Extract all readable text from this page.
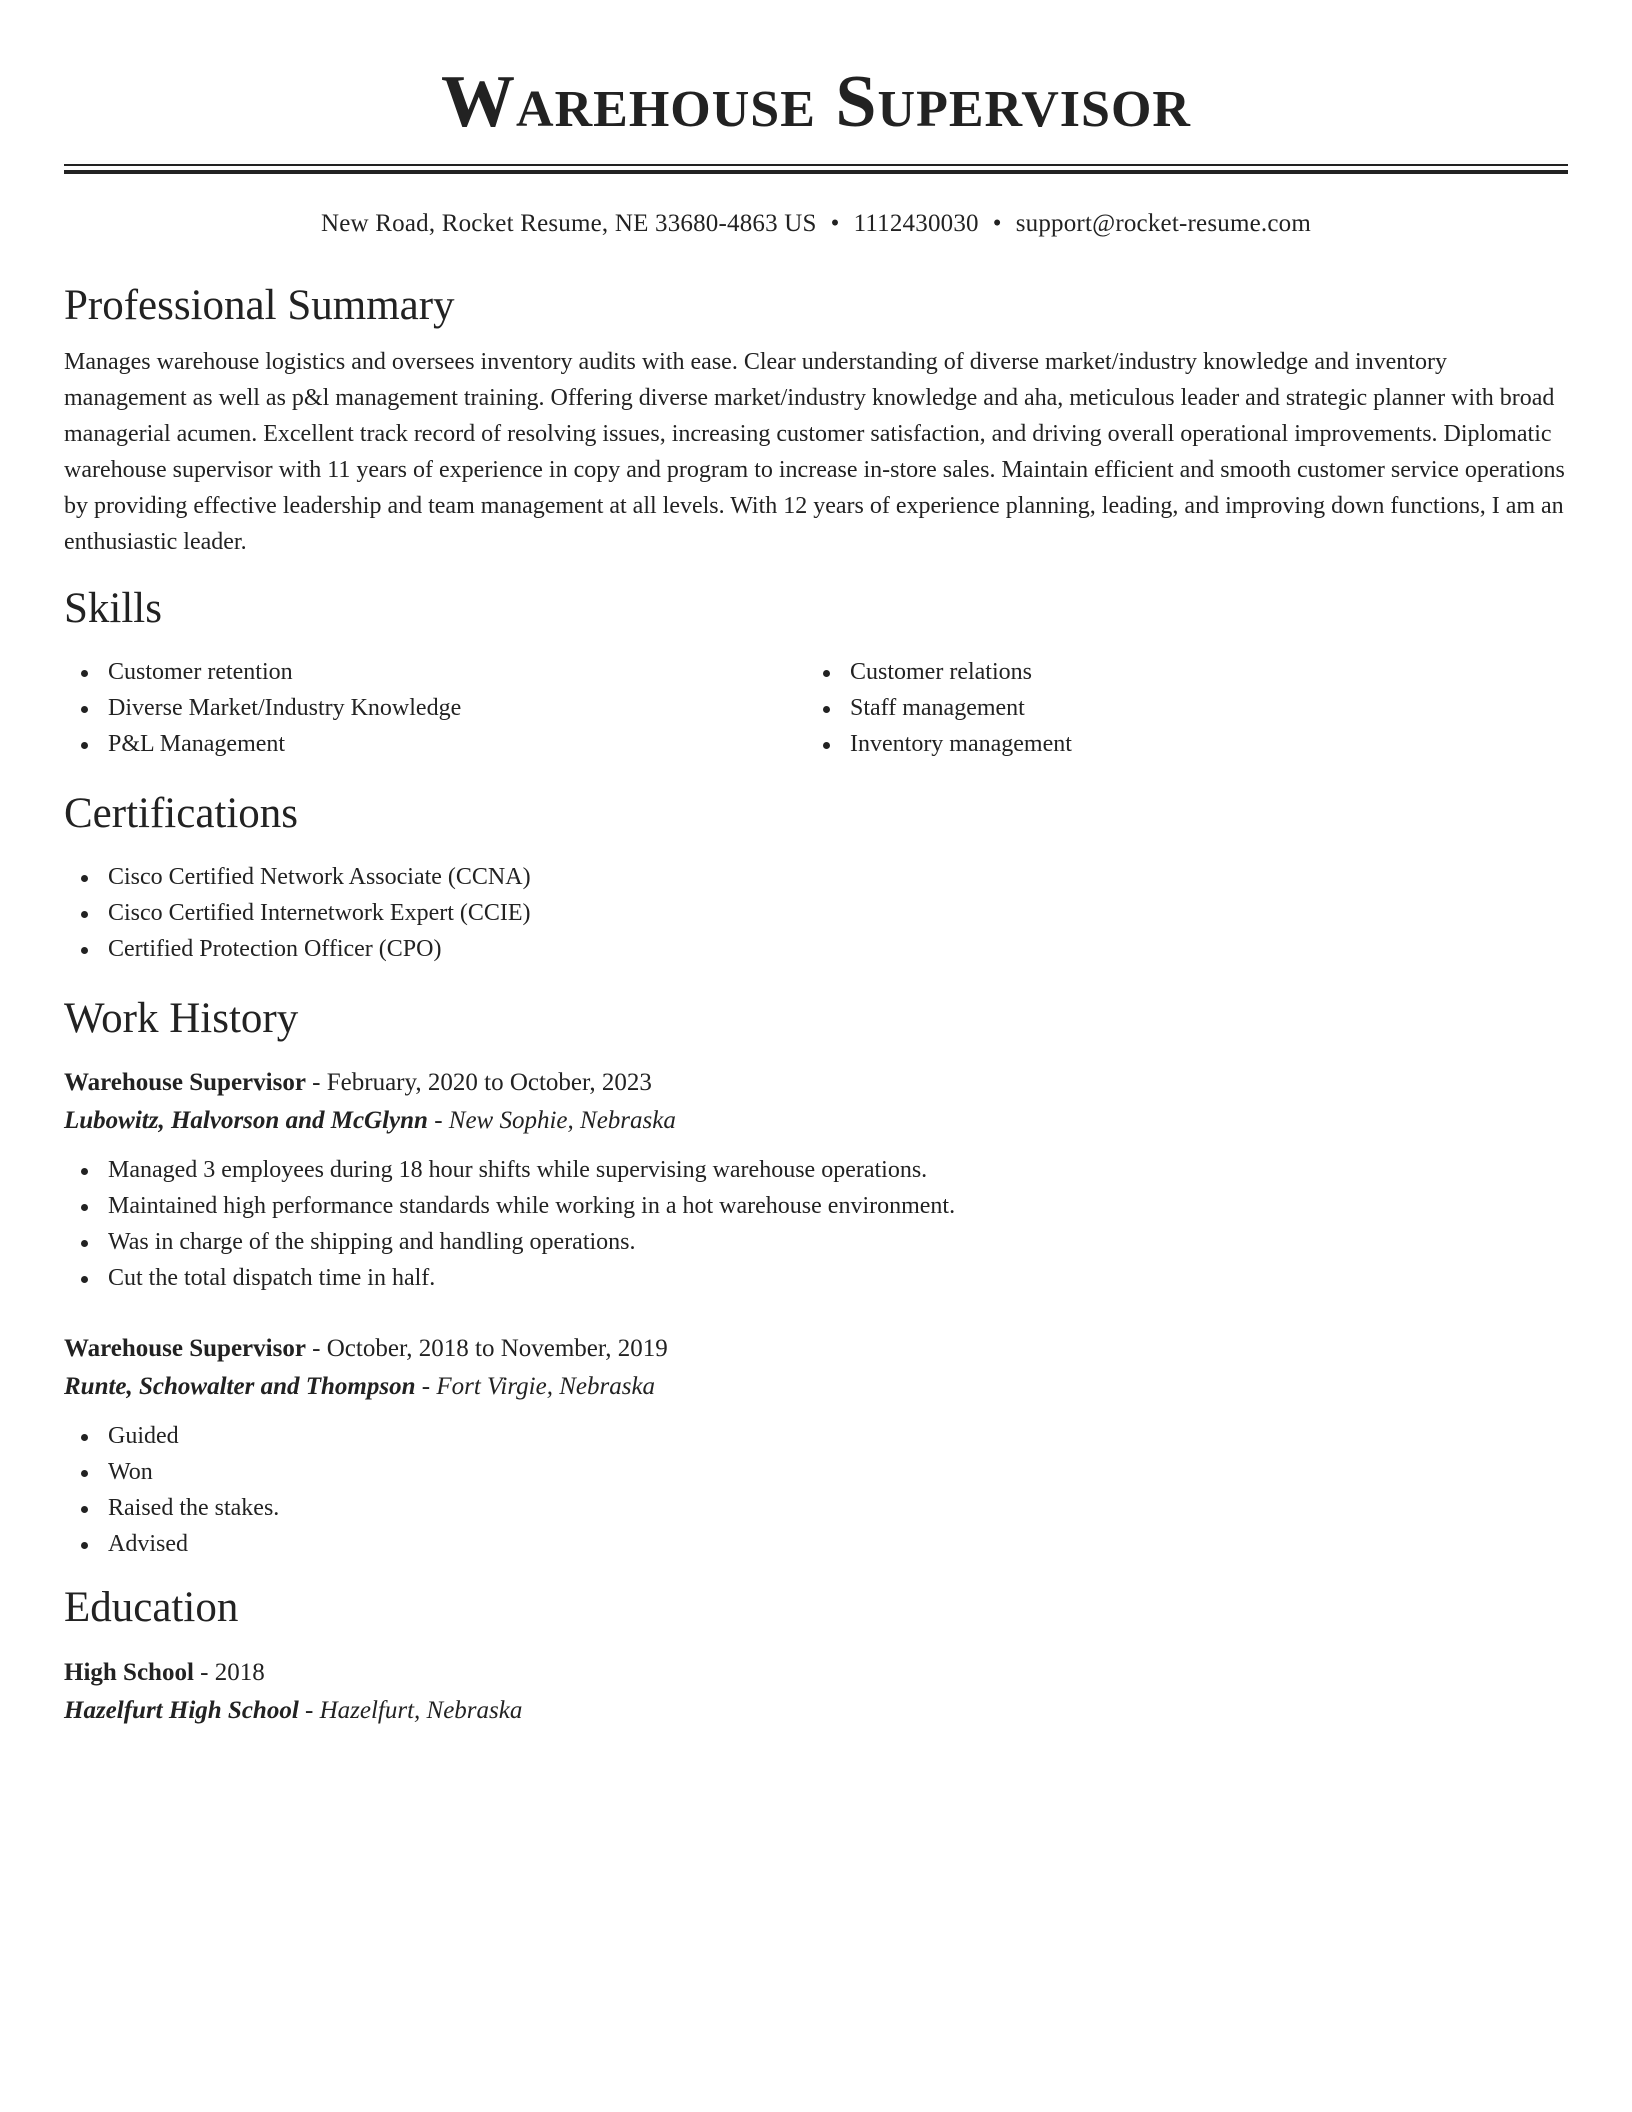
Warehouse Supervisor
New Road, Rocket Resume, NE 33680-4863 US • 1112430030 • support@rocket-resume.com
Professional Summary

Manages warehouse logistics and oversees inventory audits with ease. Clear understanding of diverse market/industry knowledge and inventory management as well as p&l management training. Offering diverse market/industry knowledge and aha, meticulous leader and strategic planner with broad managerial acumen. Excellent track record of resolving issues, increasing customer satisfaction, and driving overall operational improvements. Diplomatic warehouse supervisor with 11 years of experience in copy and program to increase in-store sales. Maintain efficient and smooth customer service operations by providing effective leadership and team management at all levels. With 12 years of experience planning, leading, and improving down functions, I am an enthusiastic leader.

Skills
Customer retention
Diverse Market/Industry Knowledge
P&L Management
Customer relations
Staff management
Inventory management
Certifications
Cisco Certified Network Associate (CCNA)
Cisco Certified Internetwork Expert (CCIE)
Certified Protection Officer (CPO)
Work History
Warehouse Supervisor - February, 2020 to October, 2023
Lubowitz, Halvorson and McGlynn - New Sophie, Nebraska
Managed 3 employees during 18 hour shifts while supervising warehouse operations.
Maintained high performance standards while working in a hot warehouse environment.
Was in charge of the shipping and handling operations.
Cut the total dispatch time in half.
Warehouse Supervisor - October, 2018 to November, 2019
Runte, Schowalter and Thompson - Fort Virgie, Nebraska
Guided
Won
Raised the stakes.
Advised
Education
High School - 2018
Hazelfurt High School - Hazelfurt, Nebraska
